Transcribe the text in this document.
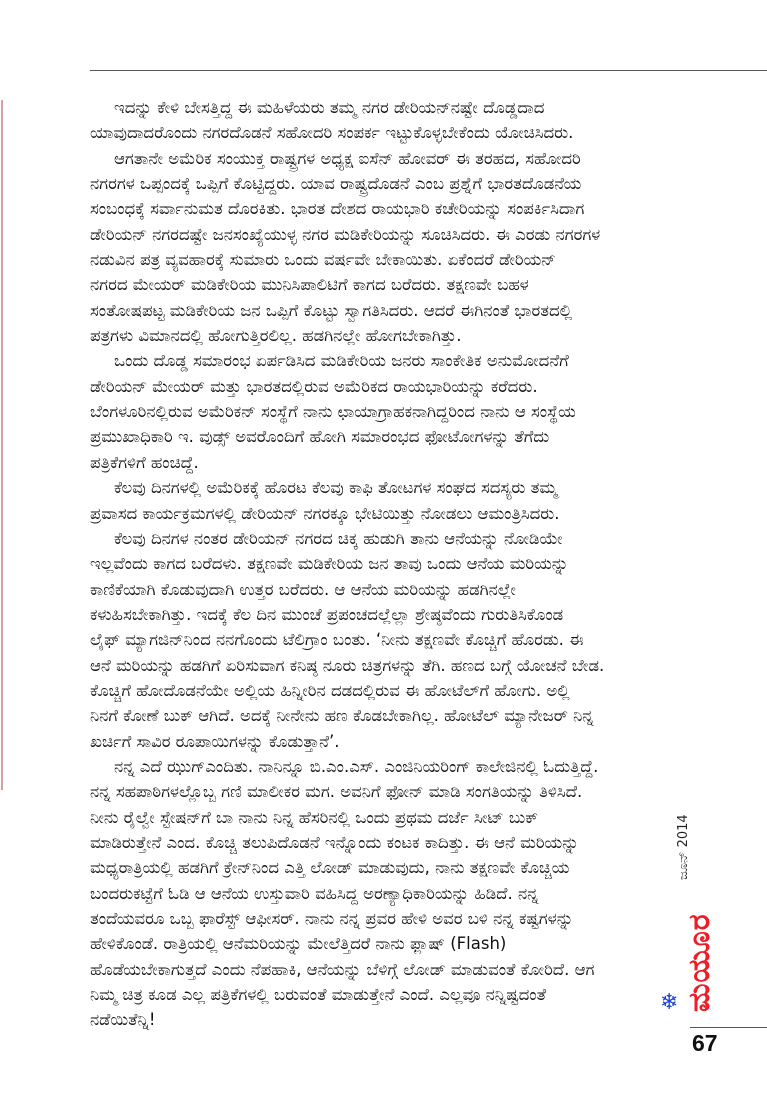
ಇದನ್ನು ಕೇಳಿ ಬೇಸತ್ತಿದ್ದ ಈ ಮಹಿಳೆಯರು ತಮ್ಮ ನಗರ ಡೇರಿಯನ್‌ನಷ್ಟೇ ದೊಡ್ಡದಾದ
ಯಾವುದಾದರೊಂದು ನಗರದೊಡನೆ ಸಹೋದರಿ ಸಂಪರ್ಕ ಇಟ್ಟುಕೊಳ್ಳಬೇಕೆಂದು ಯೋಚಿಸಿದರು.
ಆಗತಾನೇ ಅಮೆರಿಕ ಸಂಯುಕ್ತ ರಾಷ್ಟ್ರಗಳ ಅಧ್ಯಕ್ಷ ಐಸೆನ್ ಹೋವರ್ ಈ ತರಹದ, ಸಹೋದರಿ
ನಗರಗಳ ಒಪ್ಪಂದಕ್ಕೆ ಒಪ್ಪಿಗೆ ಕೊಟ್ಟಿದ್ದರು. ಯಾವ ರಾಷ್ಟ್ರದೊಡನೆ ಎಂಬ ಪ್ರಶ್ನೆಗೆ ಭಾರತದೊಡನೆಯ
ಸಂಬಂಧಕ್ಕೆ ಸರ್ವಾನುಮತ ದೊರಕಿತು. ಭಾರತ ದೇಶದ ರಾಯಭಾರಿ ಕಚೇರಿಯನ್ನು ಸಂಪರ್ಕಿಸಿದಾಗ
ಡೇರಿಯನ್ ನಗರದಷ್ಟೇ ಜನಸಂಖ್ಯೆಯುಳ್ಳ ನಗರ ಮಡಿಕೇರಿಯನ್ನು ಸೂಚಿಸಿದರು. ಈ ಎರಡು ನಗರಗಳ
ನಡುವಿನ ಪತ್ರ ವ್ಯವಹಾರಕ್ಕೆ ಸುಮಾರು ಒಂದು ವರ್ಷವೇ ಬೇಕಾಯಿತು. ಏಕೆಂದರೆ ಡೇರಿಯನ್
ನಗರದ ಮೇಯರ್ ಮಡಿಕೇರಿಯ ಮುನಿಸಿಪಾಲಿಟಿಗೆ ಕಾಗದ ಬರೆದರು. ತಕ್ಷಣವೇ ಬಹಳ
ಸಂತೋಷಪಟ್ಟ ಮಡಿಕೇರಿಯ ಜನ ಒಪ್ಪಿಗೆ ಕೊಟ್ಟು ಸ್ವಾಗತಿಸಿದರು. ಆದರೆ ಈಗಿನಂತೆ ಭಾರತದಲ್ಲಿ
ಪತ್ರಗಳು ವಿಮಾನದಲ್ಲಿ ಹೋಗುತ್ತಿರಲಿಲ್ಲ. ಹಡಗಿನಲ್ಲೇ ಹೋಗಬೇಕಾಗಿತ್ತು.
ಒಂದು ದೊಡ್ಡ ಸಮಾರಂಭ ಏರ್ಪಡಿಸಿದ ಮಡಿಕೇರಿಯ ಜನರು ಸಾಂಕೇತಿಕ ಅನುಮೋದನೆಗೆ
ಡೇರಿಯನ್ ಮೇಯರ್ ಮತ್ತು ಭಾರತದಲ್ಲಿರುವ ಅಮೆರಿಕದ ರಾಯಭಾರಿಯನ್ನು ಕರೆದರು.
ಬೆಂಗಳೂರಿನಲ್ಲಿರುವ ಅಮೆರಿಕನ್ ಸಂಸ್ಥೆಗೆ ನಾನು ಛಾಯಾಗ್ರಾಹಕನಾಗಿದ್ದರಿಂದ ನಾನು ಆ ಸಂಸ್ಥೆಯ
ಪ್ರಮುಖಾಧಿಕಾರಿ ಇ. ವುಡ್ಸ್ ಅವರೊಂದಿಗೆ ಹೋಗಿ ಸಮಾರಂಭದ ಫೋಟೋಗಳನ್ನು ತೆಗೆದು
ಪತ್ರಿಕೆಗಳಿಗೆ ಹಂಚಿದ್ದೆ.
ಕೆಲವು ದಿನಗಳಲ್ಲಿ ಅಮೆರಿಕಕ್ಕೆ ಹೊರಟ ಕೆಲವು ಕಾಫಿ ತೋಟಗಳ ಸಂಘದ ಸದಸ್ಯರು ತಮ್ಮ
ಪ್ರವಾಸದ ಕಾರ್ಯಕ್ರಮಗಳಲ್ಲಿ ಡೇರಿಯನ್ ನಗರಕ್ಕೂ ಭೇಟಿಯಿತ್ತು ನೋಡಲು ಆಮಂತ್ರಿಸಿದರು.
ಕೆಲವು ದಿನಗಳ ನಂತರ ಡೇರಿಯನ್ ನಗರದ ಚಿಕ್ಕ ಹುಡುಗಿ ತಾನು ಆನೆಯನ್ನು ನೋಡಿಯೇ
ಇಲ್ಲವೆಂದು ಕಾಗದ ಬರೆದಳು. ತಕ್ಷಣವೇ ಮಡಿಕೇರಿಯ ಜನ ತಾವು ಒಂದು ಆನೆಯ ಮರಿಯನ್ನು
ಕಾಣಿಕೆಯಾಗಿ ಕೊಡುವುದಾಗಿ ಉತ್ತರ ಬರೆದರು. ಆ ಆನೆಯ ಮರಿಯನ್ನು ಹಡಗಿನಲ್ಲೇ
ಕಳುಹಿಸಬೇಕಾಗಿತ್ತು. ಇದಕ್ಕೆ ಕೆಲ ದಿನ ಮುಂಚೆ ಪ್ರಪಂಚದಲ್ಲೆಲ್ಲಾ ಶ್ರೇಷ್ಠವೆಂದು ಗುರುತಿಸಿಕೊಂಡ
ಲೈಫ್ ಮ್ಯಾಗಜಿನ್‌ನಿಂದ ನನಗೊಂದು ಟೆಲಿಗ್ರಾಂ ಬಂತು. ‘ನೀನು ತಕ್ಷಣವೇ ಕೊಚ್ಚಿಗೆ ಹೊರಡು. ಈ
ಆನೆ ಮರಿಯನ್ನು ಹಡಗಿಗೆ ಏರಿಸುವಾಗ ಕನಿಷ್ಠ ನೂರು ಚಿತ್ರಗಳನ್ನು ತೆಗಿ. ಹಣದ ಬಗ್ಗೆ ಯೋಚನೆ ಬೇಡ.
ಕೊಚ್ಚಿಗೆ ಹೋದೊಡನೆಯೇ ಅಲ್ಲಿಯ ಹಿನ್ನೀರಿನ ದಡದಲ್ಲಿರುವ ಈ ಹೋಟೆಲ್‌ಗೆ ಹೋಗು. ಅಲ್ಲಿ
ನಿನಗೆ ಕೋಣೆ ಬುಕ್ ಆಗಿದೆ. ಅದಕ್ಕೆ ನೀನೇನು ಹಣ ಕೊಡಬೇಕಾಗಿಲ್ಲ. ಹೋಟೆಲ್ ಮ್ಯಾನೇಜರ್ ನಿನ್ನ
ಖರ್ಚಿಗೆ ಸಾವಿರ ರೂಪಾಯಿಗಳನ್ನು ಕೊಡುತ್ತಾನೆ’.
ನನ್ನ ಎದೆ ಝುಗ್‌ಎಂದಿತು. ನಾನಿನ್ನೂ ಬಿ.ಎಂ.ಎಸ್. ಎಂಜಿನಿಯರಿಂಗ್ ಕಾಲೇಜಿನಲ್ಲಿ ಓದುತ್ತಿದ್ದೆ.
ನನ್ನ ಸಹಪಾಠಿಗಳಲ್ಲೊಬ್ಬ ಗಣಿ ಮಾಲೀಕರ ಮಗ. ಅವನಿಗೆ ಫೋನ್ ಮಾಡಿ ಸಂಗತಿಯನ್ನು ತಿಳಿಸಿದೆ.
ನೀನು ರೈಲ್ವೇ ಸ್ಟೇಷನ್‌ಗೆ ಬಾ ನಾನು ನಿನ್ನ ಹೆಸರಿನಲ್ಲಿ ಒಂದು ಪ್ರಥಮ ದರ್ಜೆ ಸೀಟ್ ಬುಕ್
ಮಾಡಿರುತ್ತೇನೆ ಎಂದ. ಕೊಚ್ಚಿ ತಲುಪಿದೊಡನೆ ಇನ್ನೊಂದು ಕಂಟಕ ಕಾದಿತ್ತು. ಈ ಆನೆ ಮರಿಯನ್ನು
ಮಧ್ಯರಾತ್ರಿಯಲ್ಲಿ ಹಡಗಿಗೆ ಕ್ರೇನ್‌ನಿಂದ ಎತ್ತಿ ಲೋಡ್ ಮಾಡುವುದು, ನಾನು ತಕ್ಷಣವೇ ಕೊಚ್ಚಿಯ
ಬಂದರುಕಟ್ಟೆಗೆ ಓಡಿ ಆ ಆನೆಯ ಉಸ್ತುವಾರಿ ವಹಿಸಿದ್ದ ಅರಣ್ಯಾಧಿಕಾರಿಯನ್ನು ಹಿಡಿದೆ. ನನ್ನ
ತಂದೆಯವರೂ ಒಬ್ಬ ಫಾರೆಸ್ಟ್ ಆಫೀಸರ್. ನಾನು ನನ್ನ ಪ್ರವರ ಹೇಳಿ ಅವರ ಬಳಿ ನನ್ನ ಕಷ್ಟಗಳನ್ನು
ಹೇಳಿಕೊಂಡೆ. ರಾತ್ರಿಯಲ್ಲಿ ಆನೆಮರಿಯನ್ನು ಮೇಲೆತ್ತಿದರೆ ನಾನು ಫ್ಲಾಷ್ (Flash)
ಹೊಡೆಯಬೇಕಾಗುತ್ತದೆ ಎಂದು ನೆಪಹಾಕಿ, ಆನೆಯನ್ನು ಬೆಳಿಗ್ಗೆ ಲೋಡ್ ಮಾಡುವಂತೆ ಕೋರಿದೆ. ಆಗ
ನಿಮ್ಮ ಚಿತ್ರ ಕೂಡ ಎಲ್ಲ ಪತ್ರಿಕೆಗಳಲ್ಲಿ ಬರುವಂತೆ ಮಾಡುತ್ತೇನೆ ಎಂದೆ. ಎಲ್ಲವೂ ನನ್ನಿಷ್ಟದಂತೆ
ನಡೆಯಿತೆನ್ನಿ!
ಜೂನ್ 2014
ಮಯೂರ
❄
67
